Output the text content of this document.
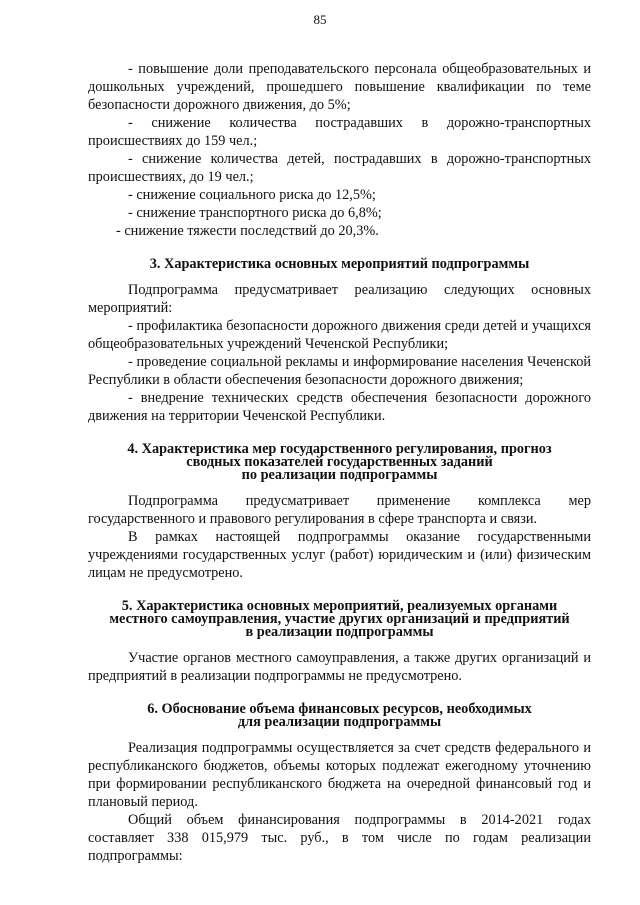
85

- повышение доли преподавательского персонала общеобразовательных и дошкольных учреждений, прошедшего повышение квалификации по теме безопасности дорожного движения, до 5%;

- снижение количества пострадавших в дорожно-транспортных происшествиях до 159 чел.;

- снижение количества детей, пострадавших в дорожно-транспортных происшествиях, до 19 чел.;

- снижение социального риска до 12,5%;

- снижение транспортного риска до 6,8%;

- снижение тяжести последствий до 20,3%.

3. Характеристика основных мероприятий подпрограммы

Подпрограмма предусматривает реализацию следующих основных мероприятий:

- профилактика безопасности дорожного движения среди детей и учащихся общеобразовательных учреждений Чеченской Республики;

- проведение социальной рекламы и информирование населения Чеченской Республики в области обеспечения безопасности дорожного движения;

- внедрение технических средств обеспечения безопасности дорожного движения на территории Чеченской Республики.

4. Характеристика мер государственного регулирования, прогноз
сводных показателей государственных заданий
по реализации подпрограммы

Подпрограмма предусматривает применение комплекса мер государственного и правового регулирования в сфере транспорта и связи.

В рамках настоящей подпрограммы оказание государственными учреждениями государственных услуг (работ) юридическим и (или) физическим лицам не предусмотрено.

5. Характеристика основных мероприятий, реализуемых органами
местного самоуправления, участие других организаций и предприятий
в реализации подпрограммы

Участие органов местного самоуправления, а также других организаций и предприятий в реализации подпрограммы не предусмотрено.

6. Обоснование объема финансовых ресурсов, необходимых
для реализации подпрограммы

Реализация подпрограммы осуществляется за счет средств федерального и республиканского бюджетов, объемы которых подлежат ежегодному уточнению при формировании республиканского бюджета на очередной финансовый год и плановый период.

Общий объем финансирования подпрограммы в 2014-2021 годах составляет 338 015,979 тыс. руб., в том числе по годам реализации подпрограммы:
